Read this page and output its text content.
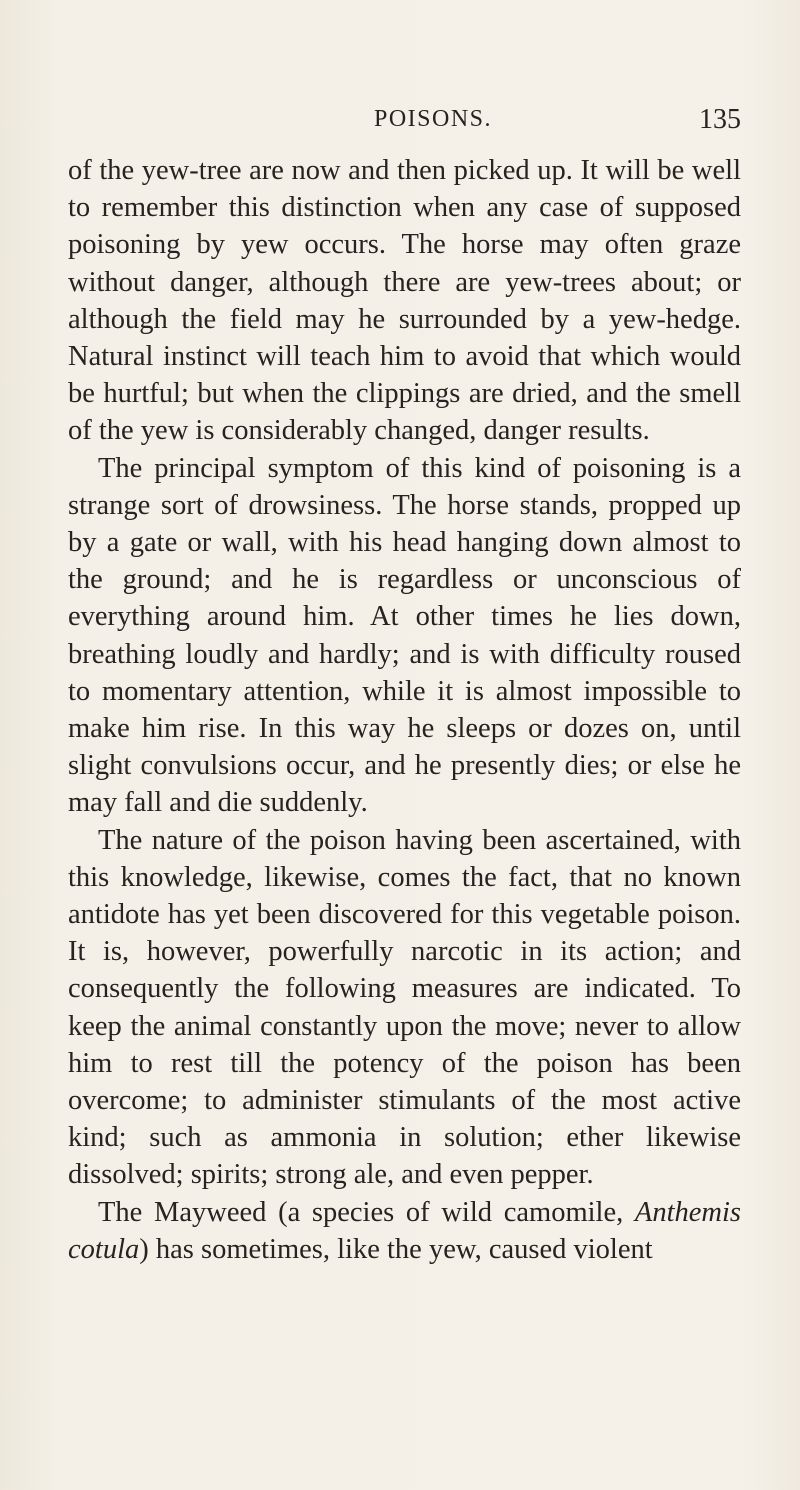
POISONS.	135

of the yew-tree are now and then picked up. It will be well to remember this distinction when any case of supposed poisoning by yew occurs. The horse may often graze without danger, although there are yew-trees about; or although the field may he surrounded by a yew-hedge. Natural instinct will teach him to avoid that which would be hurtful; but when the clippings are dried, and the smell of the yew is considerably changed, danger results.

The principal symptom of this kind of poisoning is a strange sort of drowsiness. The horse stands, propped up by a gate or wall, with his head hanging down almost to the ground; and he is regardless or unconscious of everything around him. At other times he lies down, breathing loudly and hardly; and is with difficulty roused to momentary attention, while it is almost impossible to make him rise. In this way he sleeps or dozes on, until slight convulsions occur, and he presently dies; or else he may fall and die suddenly.

The nature of the poison having been ascertained, with this knowledge, likewise, comes the fact, that no known antidote has yet been discovered for this vegetable poison. It is, however, powerfully narcotic in its action; and consequently the following measures are indicated. To keep the animal constantly upon the move; never to allow him to rest till the potency of the poison has been overcome; to administer stimulants of the most active kind; such as ammonia in solution; ether likewise dissolved; spirits; strong ale, and even pepper.

The Mayweed (a species of wild camomile, Anthemis cotula) has sometimes, like the yew, caused violent
